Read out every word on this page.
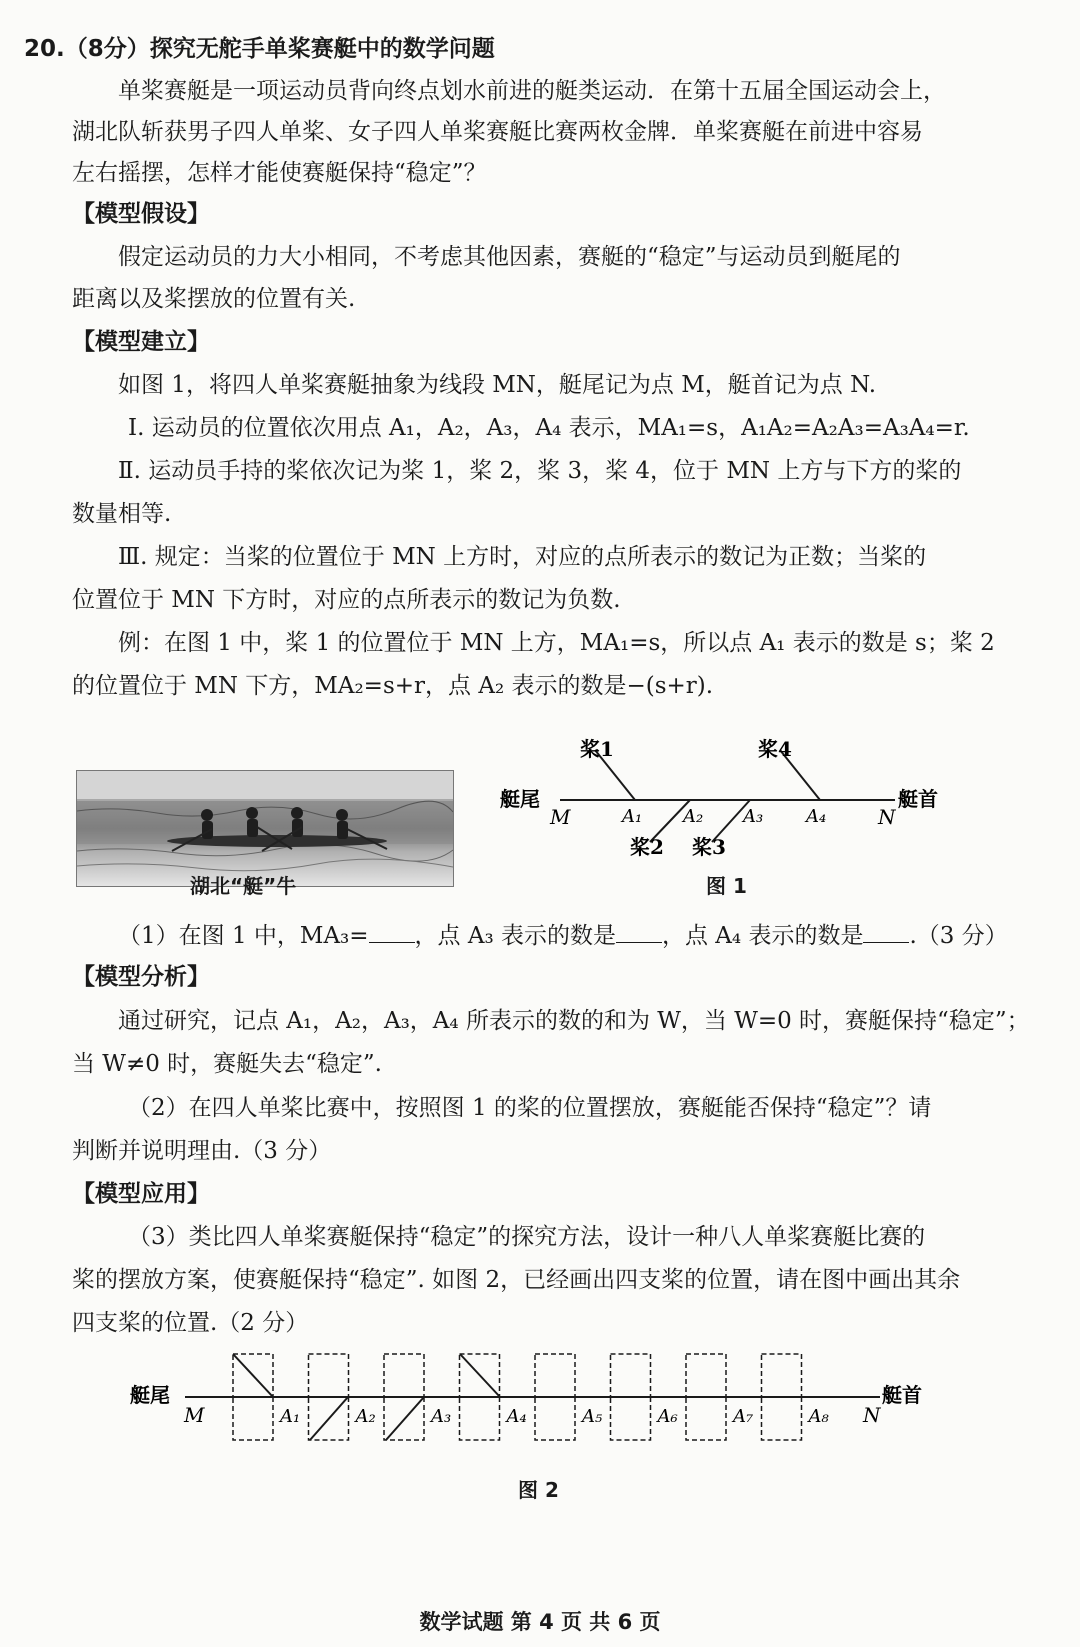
20.（8分）探究无舵手单桨赛艇中的数学问题
单桨赛艇是一项运动员背向终点划水前进的艇类运动．在第十五届全国运动会上，
湖北队斩获男子四人单桨、女子四人单桨赛艇比赛两枚金牌．单桨赛艇在前进中容易
左右摇摆，怎样才能使赛艇保持“稳定”？
【模型假设】
假定运动员的力大小相同，不考虑其他因素，赛艇的“稳定”与运动员到艇尾的
距离以及桨摆放的位置有关.
【模型建立】
如图 1，将四人单桨赛艇抽象为线段 MN，艇尾记为点 M，艇首记为点 N.
Ⅰ. 运动员的位置依次用点 A₁，A₂，A₃，A₄ 表示，MA₁=s，A₁A₂=A₂A₃=A₃A₄=r.
Ⅱ. 运动员手持的桨依次记为桨 1，桨 2，桨 3，桨 4，位于 MN 上方与下方的桨的
数量相等.
Ⅲ. 规定：当桨的位置位于 MN 上方时，对应的点所表示的数记为正数；当桨的
位置位于 MN 下方时，对应的点所表示的数记为负数.
例：在图 1 中，桨 1 的位置位于 MN 上方，MA₁=s，所以点 A₁ 表示的数是 s；桨 2
的位置位于 MN 下方，MA₂=s+r，点 A₂ 表示的数是−(s+r).
湖北“艇”牛
艇尾
M	A₁ A₂ A₃ A₄	N
艇首
桨1
桨2 桨3
桨4
图 1
（1）在图 1 中，MA₃= ，点 A₃ 表示的数是 ，点 A₄ 表示的数是 .（3 分）
【模型分析】
通过研究，记点 A₁，A₂，A₃，A₄ 所表示的数的和为 W，当 W=0 时，赛艇保持“稳定”；
当 W≠0 时，赛艇失去“稳定”.
（2）在四人单桨比赛中，按照图 1 的桨的位置摆放，赛艇能否保持“稳定”？请
判断并说明理由.（3 分）
【模型应用】
（3）类比四人单桨赛艇保持“稳定”的探究方法，设计一种八人单桨赛艇比赛的
桨的摆放方案，使赛艇保持“稳定”. 如图 2，已经画出四支桨的位置，请在图中画出其余
四支桨的位置.（2 分）
艇尾
M	A₁	A₂	A₃	A₄	A₅	A₆	A₇	A₈ N
艇首
图 2
数学试题 第 4 页 共 6 页
